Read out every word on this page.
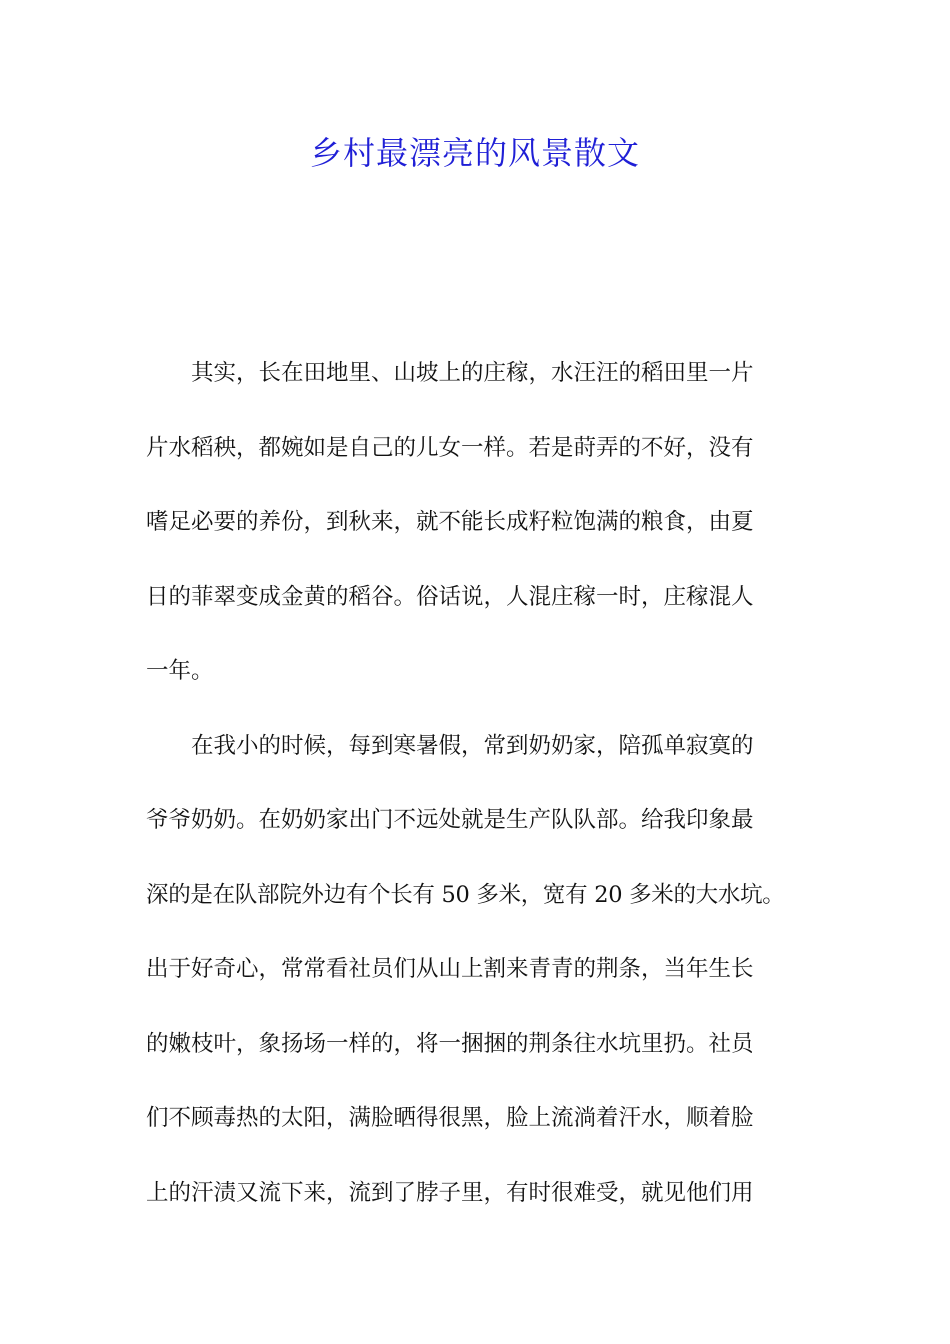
乡村最漂亮的风景散文

其实，长在田地里、山坡上的庄稼，水汪汪的稻田里一片
片水稻秧，都婉如是自己的儿女一样。若是莳弄的不好，没有
嗜足必要的养份，到秋来，就不能长成籽粒饱满的粮食，由夏
日的菲翠变成金黄的稻谷。俗话说，人混庄稼一时，庄稼混人
一年。

在我小的时候，每到寒暑假，常到奶奶家，陪孤单寂寞的
爷爷奶奶。在奶奶家出门不远处就是生产队队部。给我印象最
深的是在队部院外边有个长有 50 多米，宽有 20 多米的大水坑。
出于好奇心，常常看社员们从山上割来青青的荆条，当年生长
的嫩枝叶，象扬场一样的，将一捆捆的荆条往水坑里扔。社员
们不顾毒热的太阳，满脸晒得很黑，脸上流淌着汗水，顺着脸
上的汗渍又流下来，流到了脖子里，有时很难受，就见他们用
